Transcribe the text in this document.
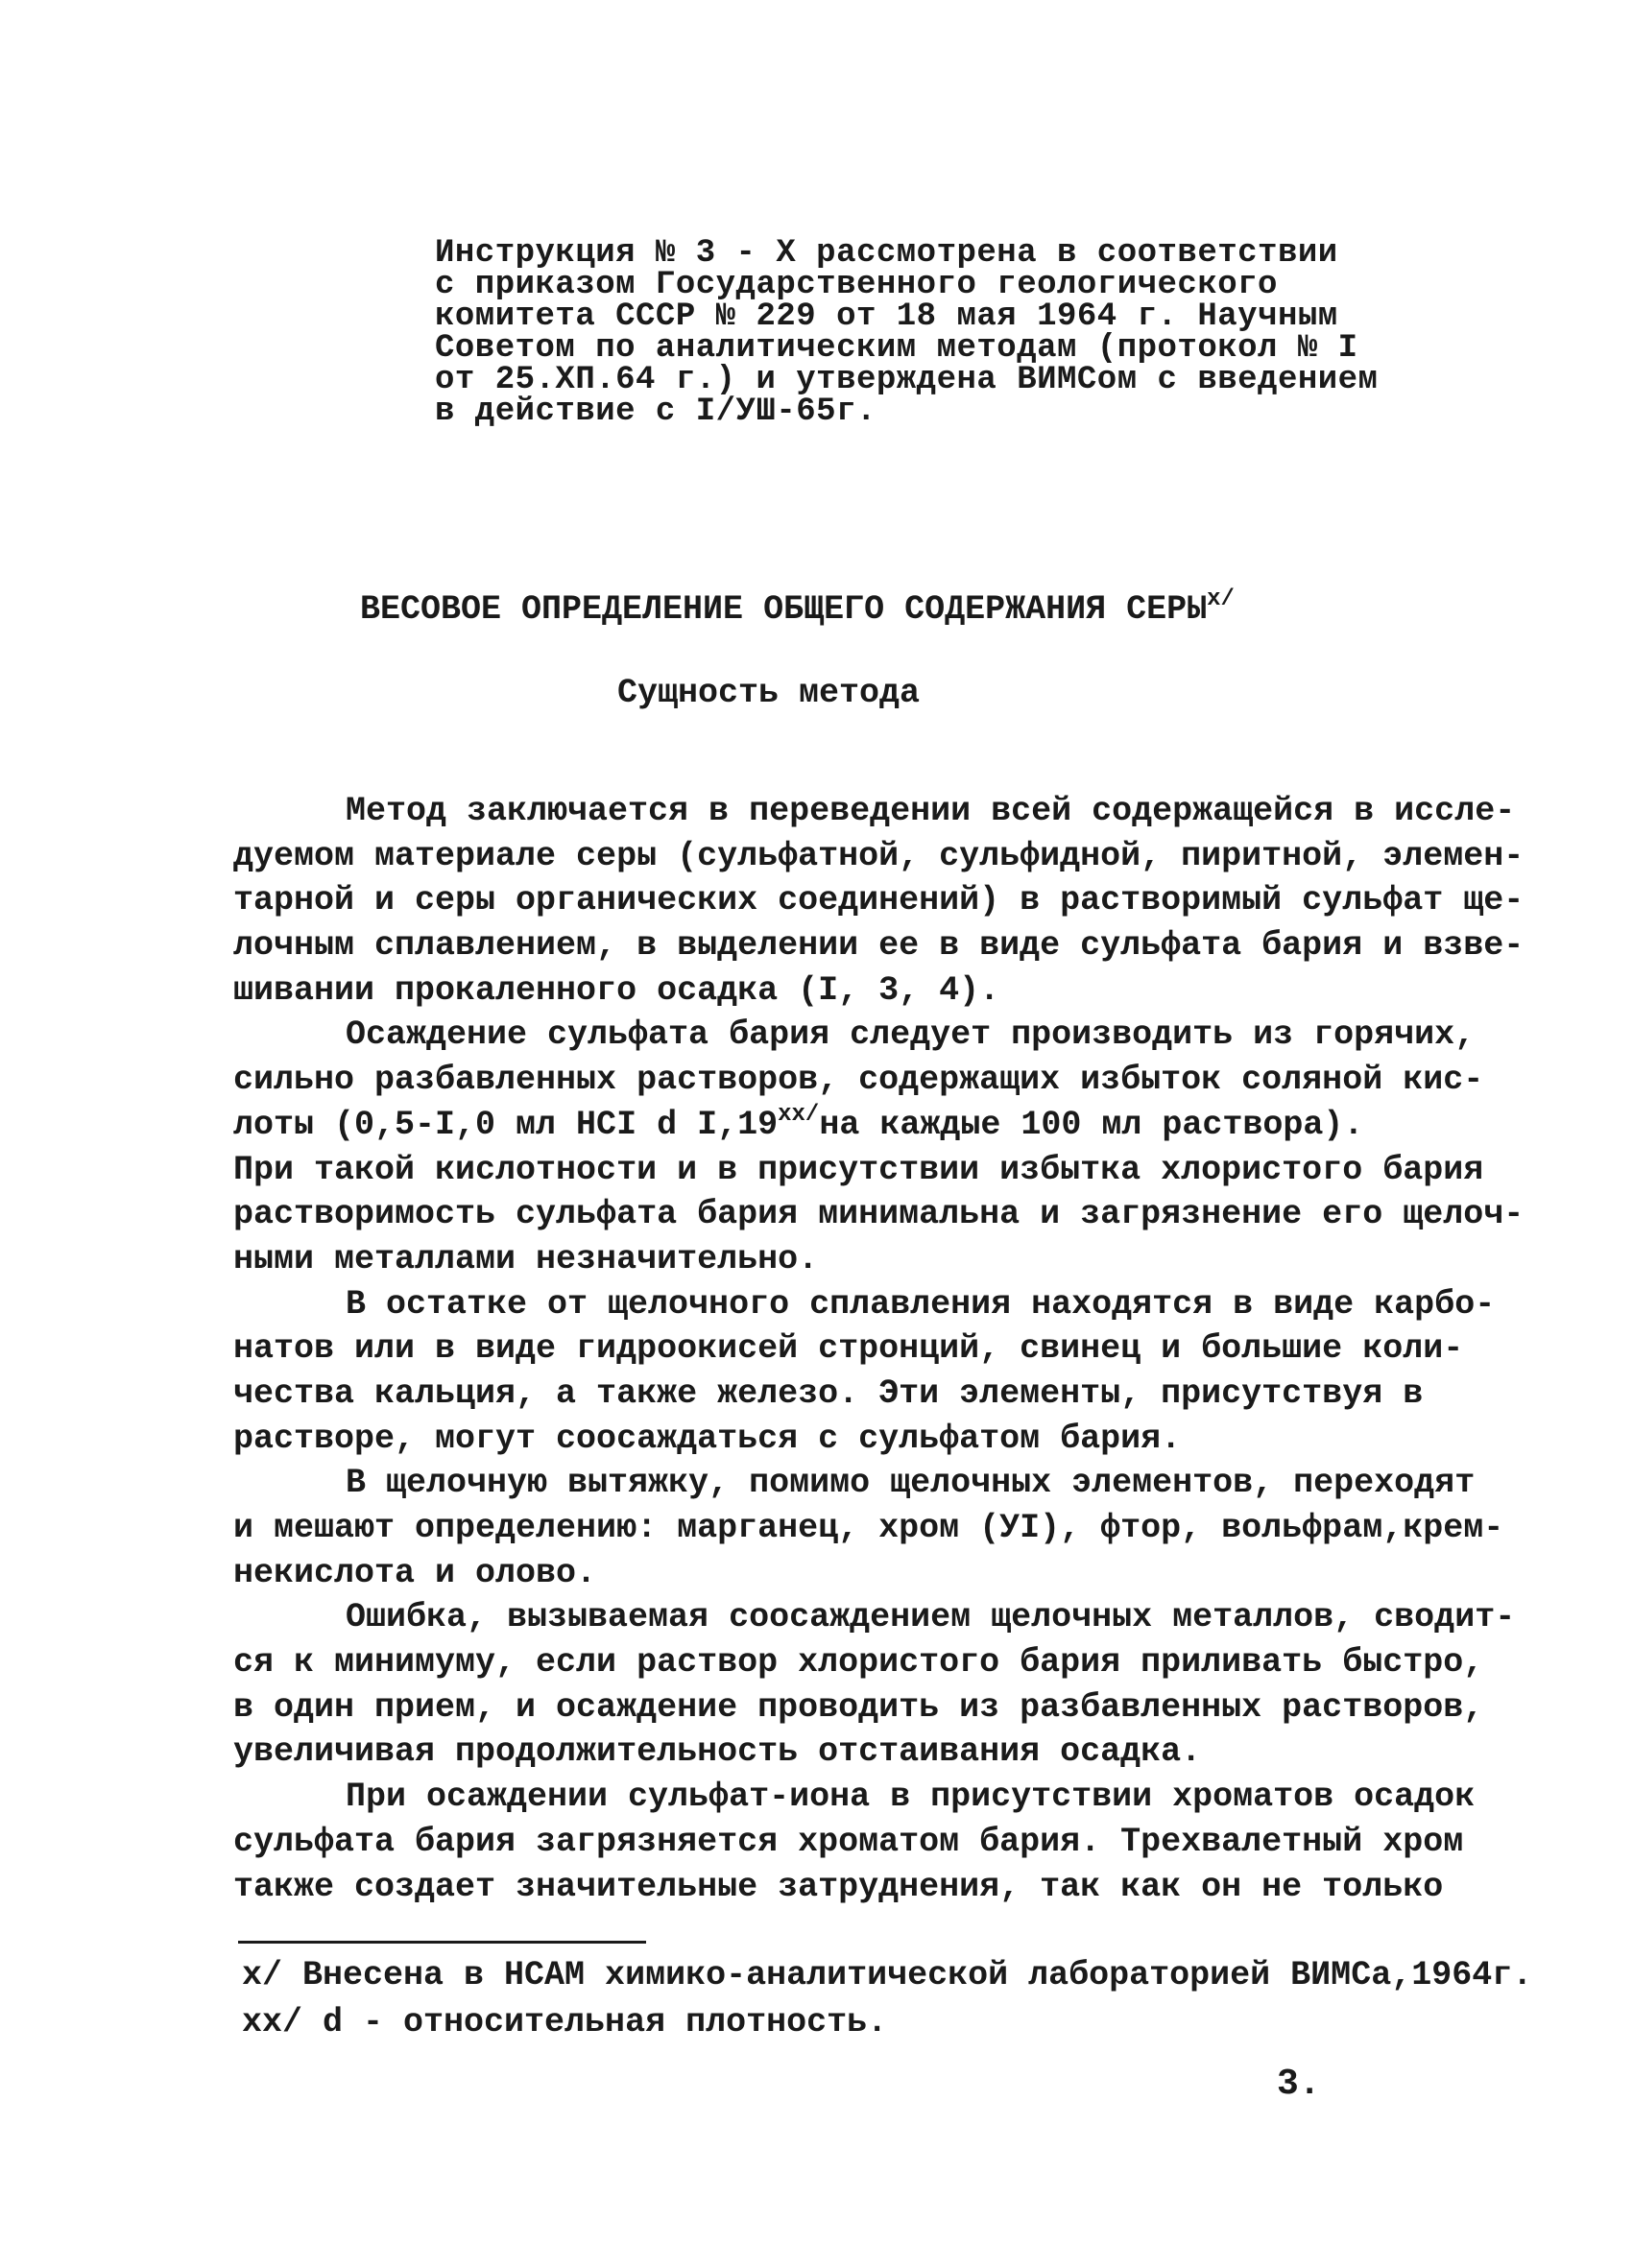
Инструкция № 3 - Х рассмотрена в соответствии
с приказом Государственного геологического
комитета СССР № 229 от 18 мая 1964 г. Научным
Советом по аналитическим методам (протокол № I
от 25.XП.64 г.) и утверждена ВИМСом с введением
в действие с I/УШ-65г.
ВЕСОВОЕ ОПРЕДЕЛЕНИЕ ОБЩЕГО СОДЕРЖАНИЯ $СЕРЫ^{х/}$
Сущность метода
Метод заключается в переведении всей содержащейся в иссле-
дуемом материале серы (сульфатной, сульфидной, пиритной, элемен-
тарной и серы органических соединений) в растворимый сульфат ще-
лочным сплавлением, в выделении ее в виде сульфата бария и взве-
шивании прокаленного осадка (I, 3, 4).
Осаждение сульфата бария следует производить из горячих,
сильно разбавленных растворов, содержащих избыток соляной кис-
лоты (0,5-I,0 мл HCI d $I,19^{хх/}на$ каждые 100 мл раствора).
При такой кислотности и в присутствии избытка хлористого бария
растворимость сульфата бария минимальна и загрязнение его щелоч-
ными металлами незначительно.
В остатке от щелочного сплавления находятся в виде карбо-
натов или в виде гидроокисей стронций, свинец и большие коли-
чества кальция, а также железо. Эти элементы, присутствуя в
растворе, могут соосаждаться с сульфатом бария.
В щелочную вытяжку, помимо щелочных элементов, переходят
и мешают определению: марганец, хром (УI), фтор, вольфрам,крем-
некислота и олово.
Ошибка, вызываемая соосаждением щелочных металлов, сводит-
ся к минимуму, если раствор хлористого бария приливать быстро,
в один прием, и осаждение проводить из разбавленных растворов,
увеличивая продолжительность отстаивания осадка.
При осаждении сульфат-иона в присутствии хроматов осадок
сульфата бария загрязняется хроматом бария. Трехвалетный хром
также создает значительные затруднения, так как он не только
х/ Внесена в НСАМ химико-аналитической лабораторией ВИМСа,1964г.
хх/ d - относительная плотность.
3.
